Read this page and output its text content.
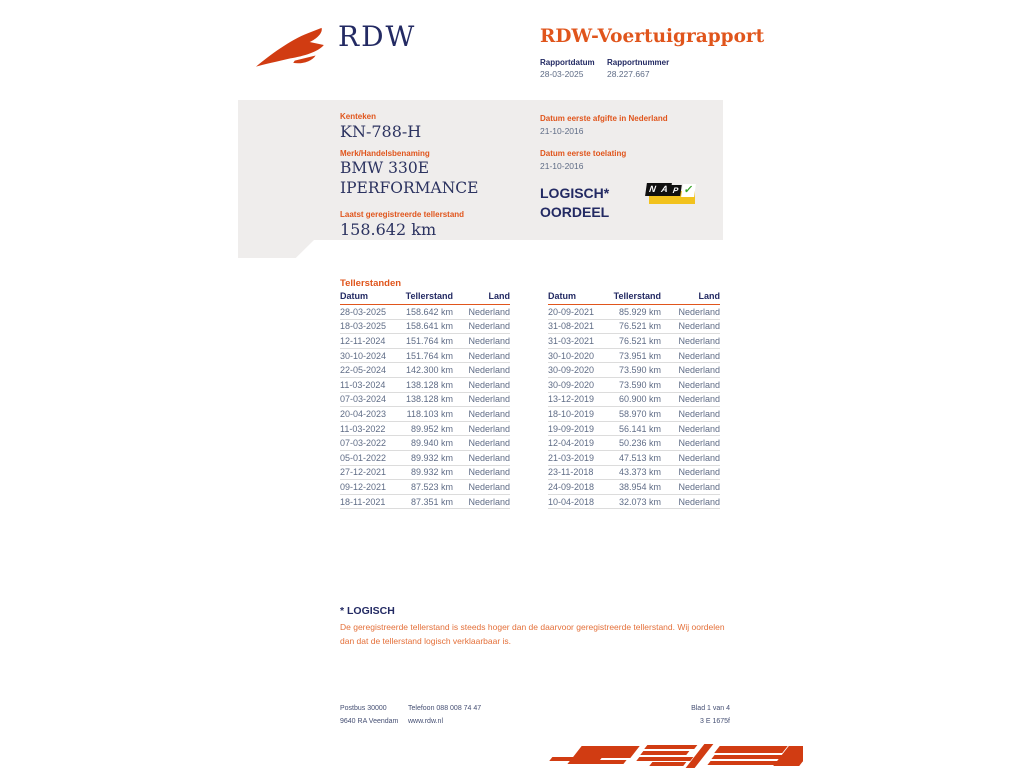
RDW	RDW-Voertuigrapport
Rapportdatum Rapportnummer
28-03-2025	28.227.667
Kenteken
KN-788-H
Merk/Handelsbenaming
BMW 330E
IPERFORMANCE
Laatst geregistreerde tellerstand
158.642 km
Datum eerste afgifte in Nederland
21-10-2016
Datum eerste toelating
21-10-2016
LOGISCH*
OORDEEL
N A P ✓
Tellerstanden
Datum	Tellerstand	Land
28-03-2025	158.642 km	Nederland
18-03-2025	158.641 km	Nederland
12-11-2024	151.764 km	Nederland
30-10-2024	151.764 km	Nederland
22-05-2024	142.300 km	Nederland
11-03-2024	138.128 km	Nederland
07-03-2024	138.128 km	Nederland
20-04-2023	118.103 km	Nederland
11-03-2022	89.952 km	Nederland
07-03-2022	89.940 km	Nederland
05-01-2022	89.932 km	Nederland
27-12-2021	89.932 km	Nederland
09-12-2021	87.523 km	Nederland
18-11-2021	87.351 km	Nederland
Datum	Tellerstand	Land
20-09-2021	85.929 km	Nederland
31-08-2021	76.521 km	Nederland
31-03-2021	76.521 km	Nederland
30-10-2020	73.951 km	Nederland
30-09-2020	73.590 km	Nederland
30-09-2020	73.590 km	Nederland
13-12-2019	60.900 km	Nederland
18-10-2019	58.970 km	Nederland
19-09-2019	56.141 km	Nederland
12-04-2019	50.236 km	Nederland
21-03-2019	47.513 km	Nederland
23-11-2018	43.373 km	Nederland
24-09-2018	38.954 km	Nederland
10-04-2018	32.073 km	Nederland
* LOGISCH
De geregistreerde tellerstand is steeds hoger dan de daarvoor geregistreerde tellerstand. Wij oordelen dan dat de tellerstand logisch verklaarbaar is.
Postbus 30000
9640 RA Veendam
Telefoon 088 008 74 47
www.rdw.nl
Blad 1 van 4
3 E 1675f
